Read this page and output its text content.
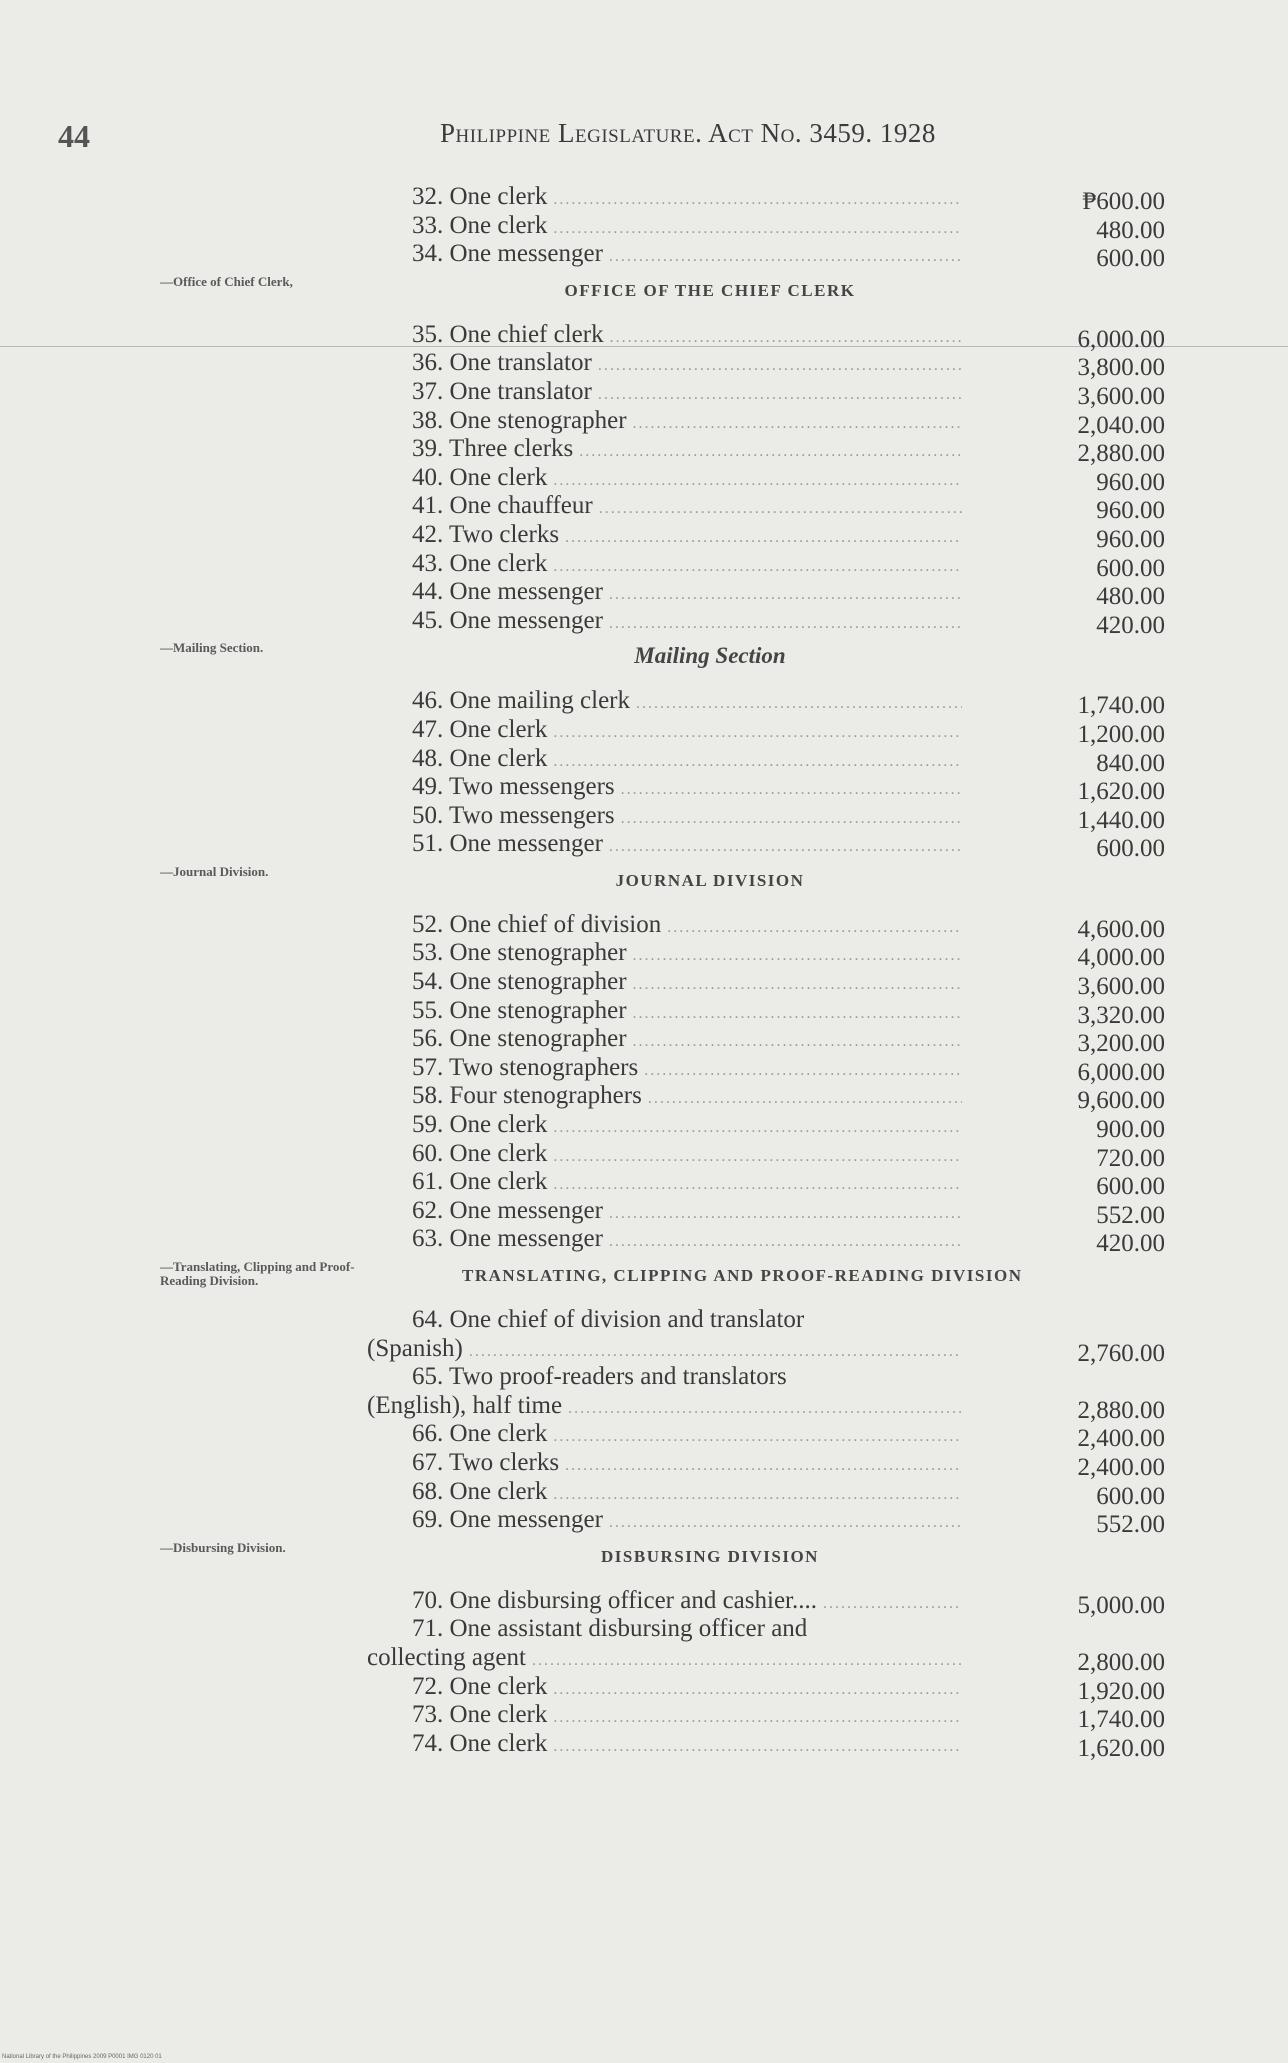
44	Philippine Legislature. Act No. 3459. 1928
32. One clerk .....	₱600.00
33. One clerk .....	480.00
34. One messenger .....	600.00
—Office of Chief Clerk,	OFFICE OF THE CHIEF CLERK
35. One chief clerk .....	6,000.00
36. One translator .....	3,800.00
37. One translator .....	3,600.00
38. One stenographer .....	2,040.00
39. Three clerks .....	2,880.00
40. One clerk .....	960.00
41. One chauffeur .....	960.00
42. Two clerks .....	960.00
43. One clerk .....	600.00
44. One messenger .....	480.00
45. One messenger .....	420.00
—Mailing Section.	Mailing Section
46. One mailing clerk .....	1,740.00
47. One clerk .....	1,200.00
48. One clerk .....	840.00
49. Two messengers .....	1,620.00
50. Two messengers .....	1,440.00
51. One messenger .....	600.00
—Journal Division.	JOURNAL DIVISION
52. One chief of division .....	4,600.00
53. One stenographer .....	4,000.00
54. One stenographer .....	3,600.00
55. One stenographer .....	3,320.00
56. One stenographer .....	3,200.00
57. Two stenographers .....	6,000.00
58. Four stenographers .....	9,600.00
59. One clerk .....	900.00
60. One clerk .....	720.00
61. One clerk .....	600.00
62. One messenger .....	552.00
63. One messenger .....	420.00
—Translating, Clipping and Proof-Reading Division.	TRANSLATING, CLIPPING AND PROOF-READING DIVISION
64. One chief of division and translator
(Spanish) .....	2,760.00
65. Two proof-readers and translators
(English), half time .....	2,880.00
66. One clerk .....	2,400.00
67. Two clerks .....	2,400.00
68. One clerk .....	600.00
69. One messenger .....	552.00
—Disbursing Division.	DISBURSING DIVISION
70. One disbursing officer and cashier.... .....	5,000.00
71. One assistant disbursing officer and
collecting agent .....	2,800.00
72. One clerk .....	1,920.00
73. One clerk .....	1,740.00
74. One clerk .....	1,620.00
National Library of the Philippines 2009 P0001 IMG 0120 01
